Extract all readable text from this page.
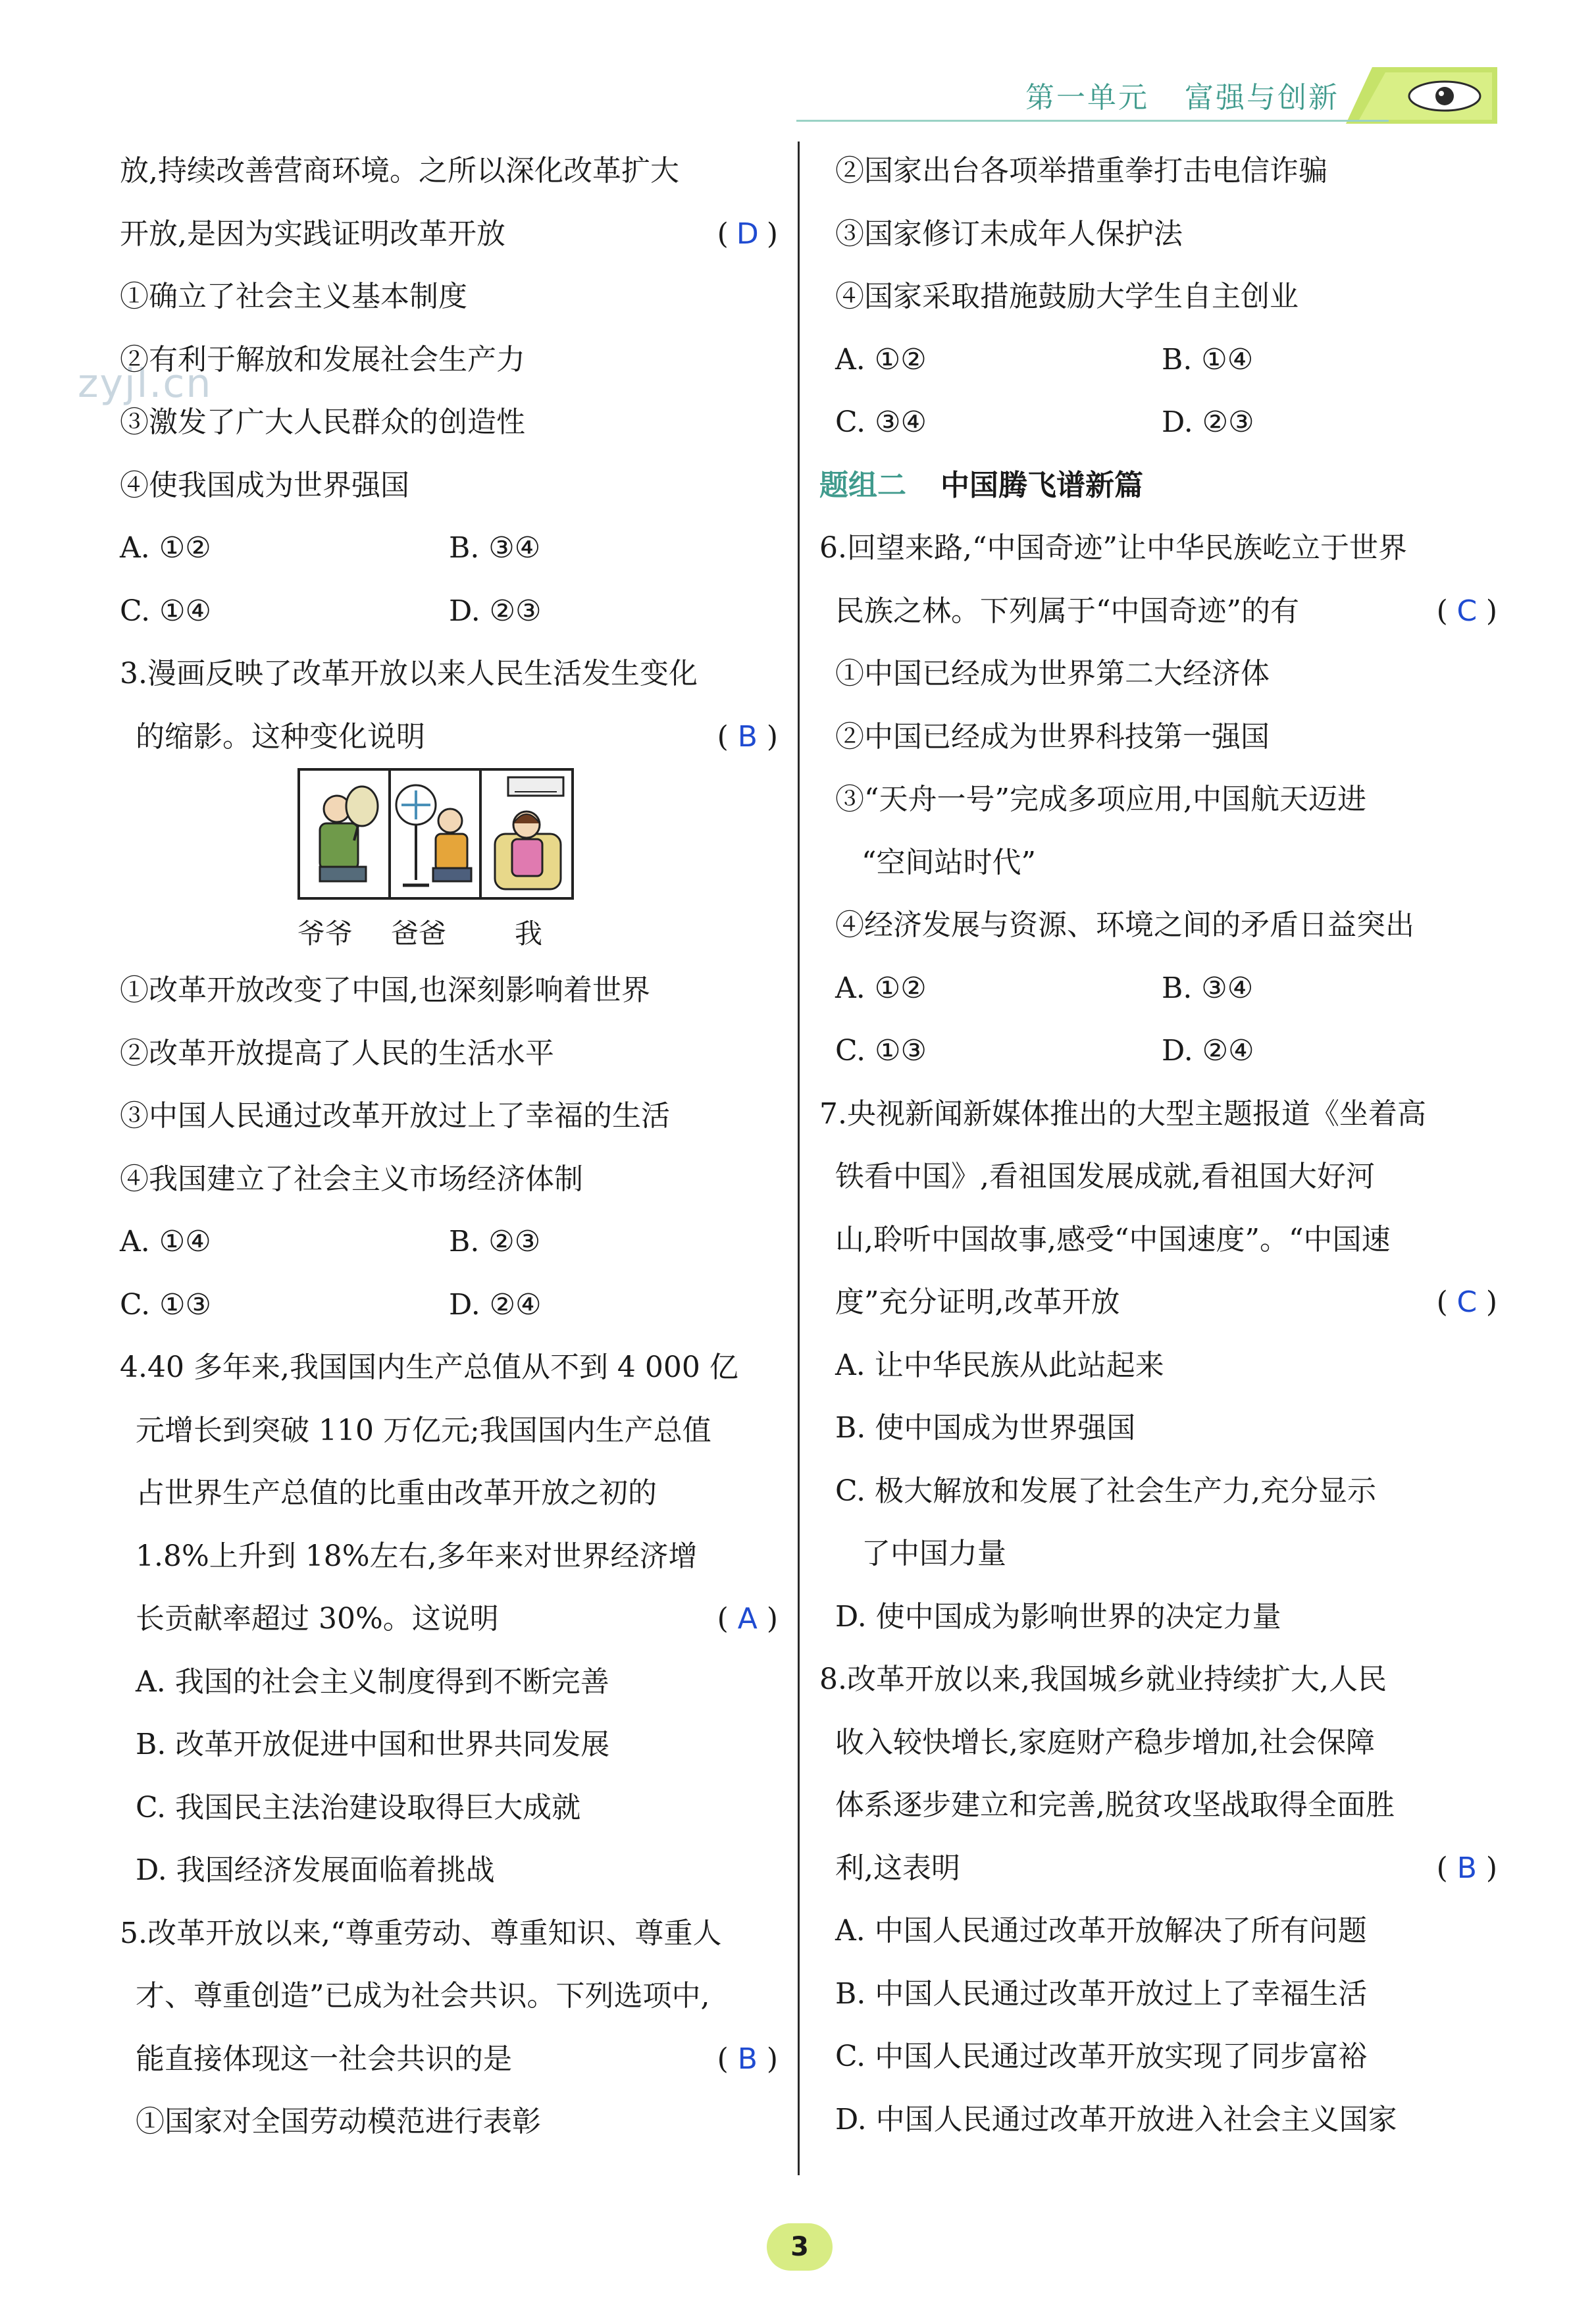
第一单元 富强与创新
zyjl.cn
放,持续改善营商环境。之所以深化改革扩大
开放,是因为实践证明改革开放	( D )
①确立了社会主义基本制度
②有利于解放和发展社会生产力
③激发了广大人民群众的创造性
④使我国成为世界强国
A. ①②	B. ③④
C. ①④	D. ②③
3.漫画反映了改革开放以来人民生活发生变化
的缩影。这种变化说明	( B )
爷爷 爸爸 我
①改革开放改变了中国,也深刻影响着世界
②改革开放提高了人民的生活水平
③中国人民通过改革开放过上了幸福的生活
④我国建立了社会主义市场经济体制
A. ①④	B. ②③
C. ①③	D. ②④
4.40 多年来,我国国内生产总值从不到 4 000 亿
元增长到突破 110 万亿元;我国国内生产总值
占世界生产总值的比重由改革开放之初的
1.8%上升到 18%左右,多年来对世界经济增
长贡献率超过 30%。这说明	( A )
A. 我国的社会主义制度得到不断完善
B. 改革开放促进中国和世界共同发展
C. 我国民主法治建设取得巨大成就
D. 我国经济发展面临着挑战
5.改革开放以来,“尊重劳动、尊重知识、尊重人
才、尊重创造”已成为社会共识。下列选项中,
能直接体现这一社会共识的是	( B )
①国家对全国劳动模范进行表彰
②国家出台各项举措重拳打击电信诈骗
③国家修订未成年人保护法
④国家采取措施鼓励大学生自主创业
A. ①②	B. ①④
C. ③④	D. ②③
题组二 中国腾飞谱新篇
6.回望来路,“中国奇迹”让中华民族屹立于世界
民族之林。下列属于“中国奇迹”的有	( C )
①中国已经成为世界第二大经济体
②中国已经成为世界科技第一强国
③“天舟一号”完成多项应用,中国航天迈进
“空间站时代”
④经济发展与资源、环境之间的矛盾日益突出
A. ①②	B. ③④
C. ①③	D. ②④
7.央视新闻新媒体推出的大型主题报道《坐着高
铁看中国》,看祖国发展成就,看祖国大好河
山,聆听中国故事,感受“中国速度”。“中国速
度”充分证明,改革开放	( C )
A. 让中华民族从此站起来
B. 使中国成为世界强国
C. 极大解放和发展了社会生产力,充分显示
了中国力量
D. 使中国成为影响世界的决定力量
8.改革开放以来,我国城乡就业持续扩大,人民
收入较快增长,家庭财产稳步增加,社会保障
体系逐步建立和完善,脱贫攻坚战取得全面胜
利,这表明	( B )
A. 中国人民通过改革开放解决了所有问题
B. 中国人民通过改革开放过上了幸福生活
C. 中国人民通过改革开放实现了同步富裕
D. 中国人民通过改革开放进入社会主义国家
3
